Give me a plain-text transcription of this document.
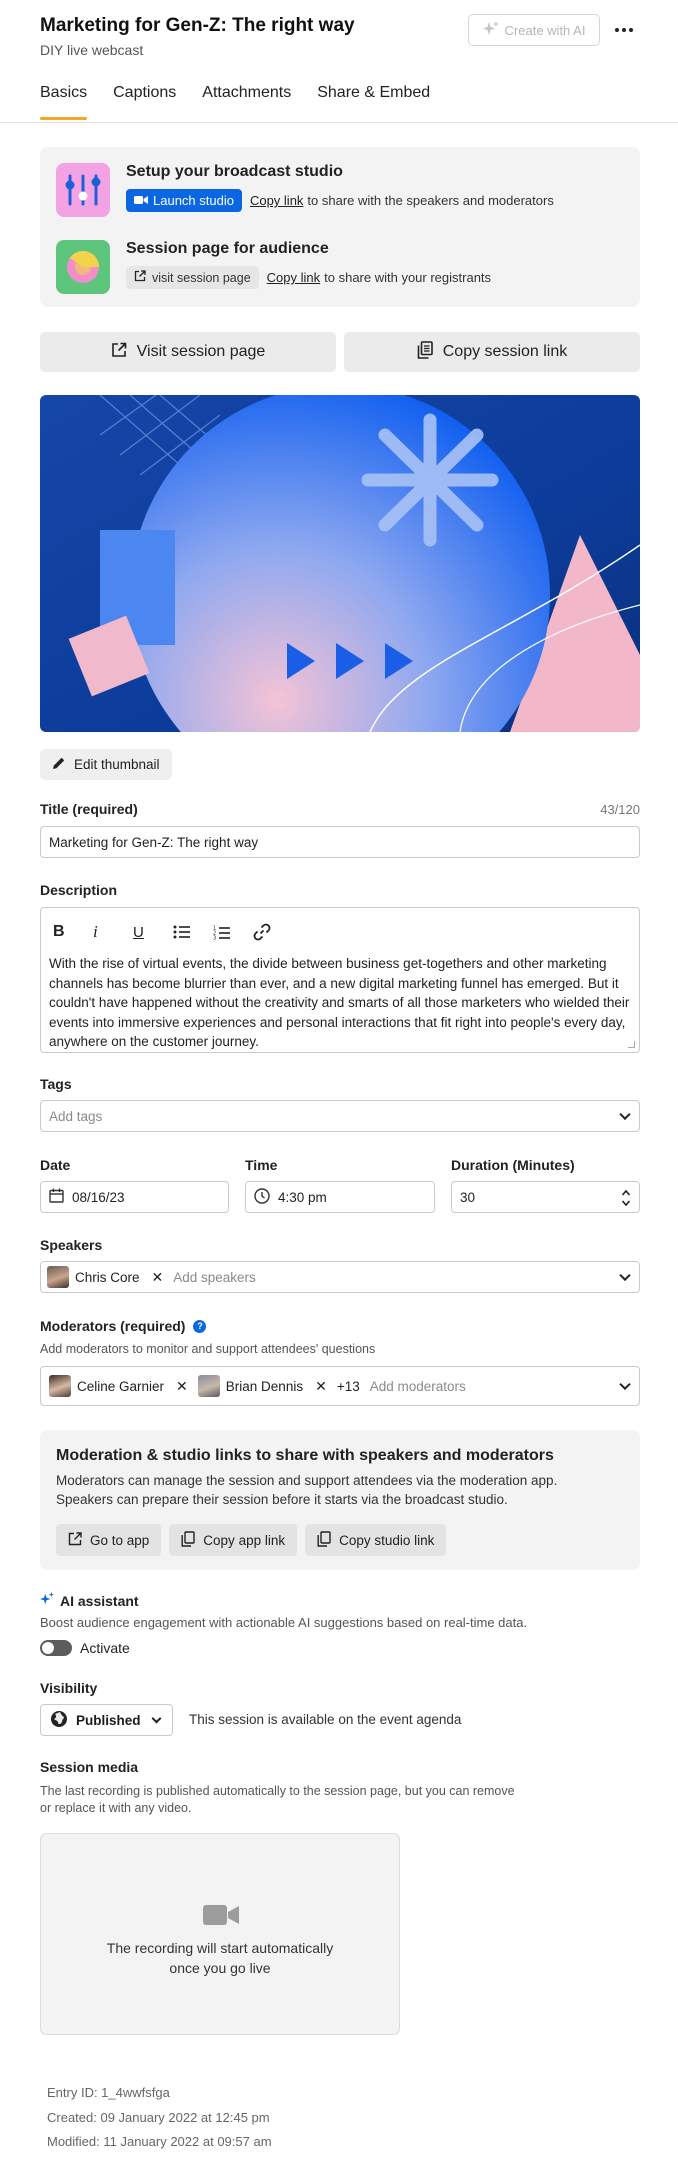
Marketing for Gen-Z: The right way
DIY live webcast
Create with AI
Basics Captions Attachments Share & Embed
Setup your broadcast studio
Launch studio Copy link to share with the speakers and moderators
Session page for audience
visit session page Copy link to share with your registrants
Visit session page	Copy session link
Edit thumbnail
Title (required)	43/120
Marketing for Gen-Z: The right way
Description
B i U	1
2
3
With the rise of virtual events, the divide between business get-togethers and other marketing channels has become blurrier than ever, and a new digital marketing funnel has emerged. But it couldn't have happened without the creativity and smarts of all those marketers who wielded their events into immersive experiences and personal interactions that fit right into people's every day, anywhere on the customer journey.
Tags
Add tags
Date
08/16/23
Time
4:30 pm
Duration (Minutes)
30
Speakers
Chris Core ✕ Add speakers
Moderators (required)	?
Add moderators to monitor and support attendees' questions
Celine Garnier ✕	Brian Dennis ✕ +13 Add moderators
Moderation & studio links to share with speakers and moderators
Moderators can manage the session and support attendees via the moderation app.
Speakers can prepare their session before it starts via the broadcast studio.
Go to app	Copy app link	Copy studio link
AI assistant
Boost audience engagement with actionable AI suggestions based on real-time data.
Activate
Visibility
Published	This session is available on the event agenda
Session media
The last recording is published automatically to the session page, but you can remove
or replace it with any video.
The recording will start automatically
once you go live
Entry ID: 1_4wwfsfga
Created: 09 January 2022 at 12:45 pm
Modified: 11 January 2022 at 09:57 am
